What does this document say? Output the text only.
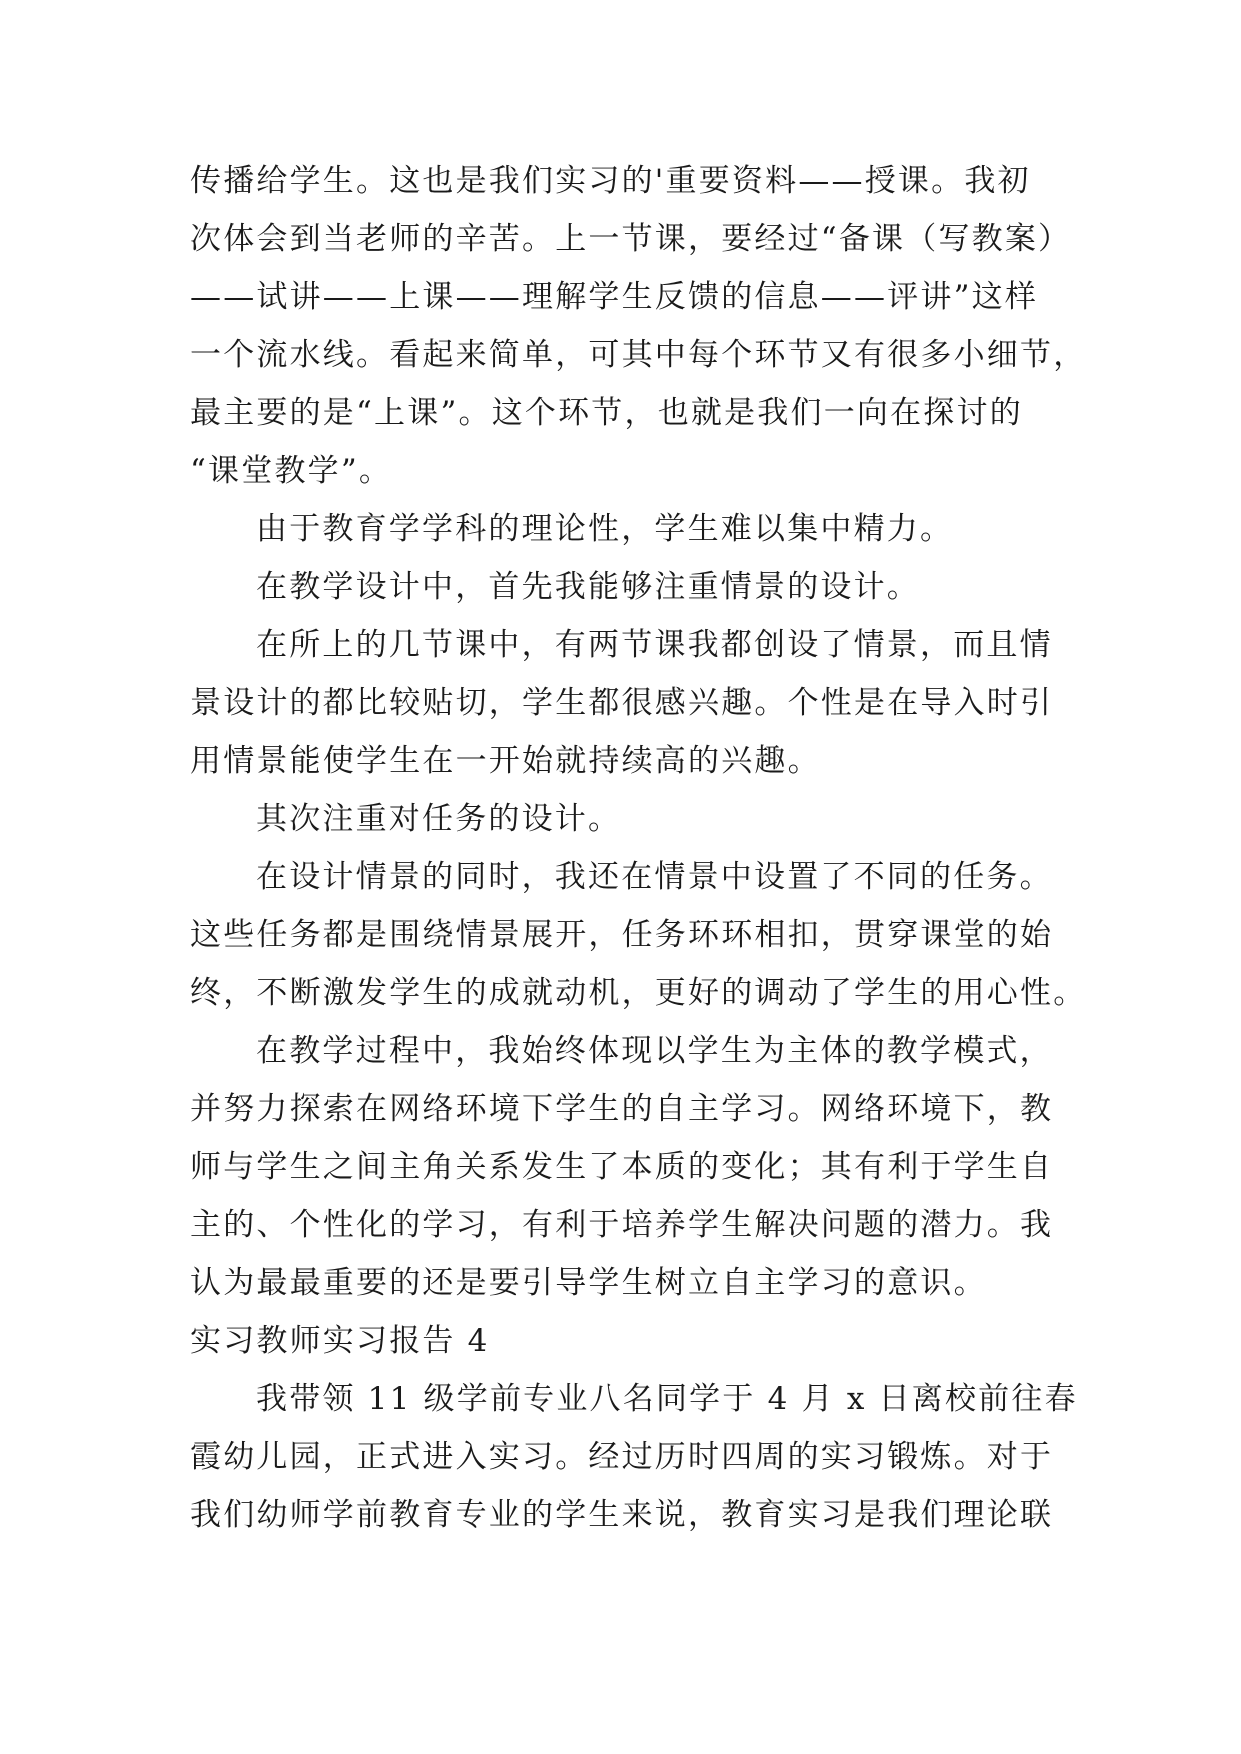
传播给学生。这也是我们实习的'重要资料——授课。我初
次体会到当老师的辛苦。上一节课，要经过“备课（写教案）
——试讲——上课——理解学生反馈的信息——评讲”这样
一个流水线。看起来简单，可其中每个环节又有很多小细节，
最主要的是“上课”。这个环节，也就是我们一向在探讨的
“课堂教学”。
由于教育学学科的理论性，学生难以集中精力。
在教学设计中，首先我能够注重情景的设计。
在所上的几节课中，有两节课我都创设了情景，而且情
景设计的都比较贴切，学生都很感兴趣。个性是在导入时引
用情景能使学生在一开始就持续高的兴趣。
其次注重对任务的设计。
在设计情景的同时，我还在情景中设置了不同的任务。
这些任务都是围绕情景展开，任务环环相扣，贯穿课堂的始
终，不断激发学生的成就动机，更好的调动了学生的用心性。
在教学过程中，我始终体现以学生为主体的教学模式，
并努力探索在网络环境下学生的自主学习。网络环境下，教
师与学生之间主角关系发生了本质的变化；其有利于学生自
主的、个性化的学习，有利于培养学生解决问题的潜力。我
认为最最重要的还是要引导学生树立自主学习的意识。
实习教师实习报告 4
我带领 11 级学前专业八名同学于 4 月 x 日离校前往春
霞幼儿园，正式进入实习。经过历时四周的实习锻炼。对于
我们幼师学前教育专业的学生来说，教育实习是我们理论联
